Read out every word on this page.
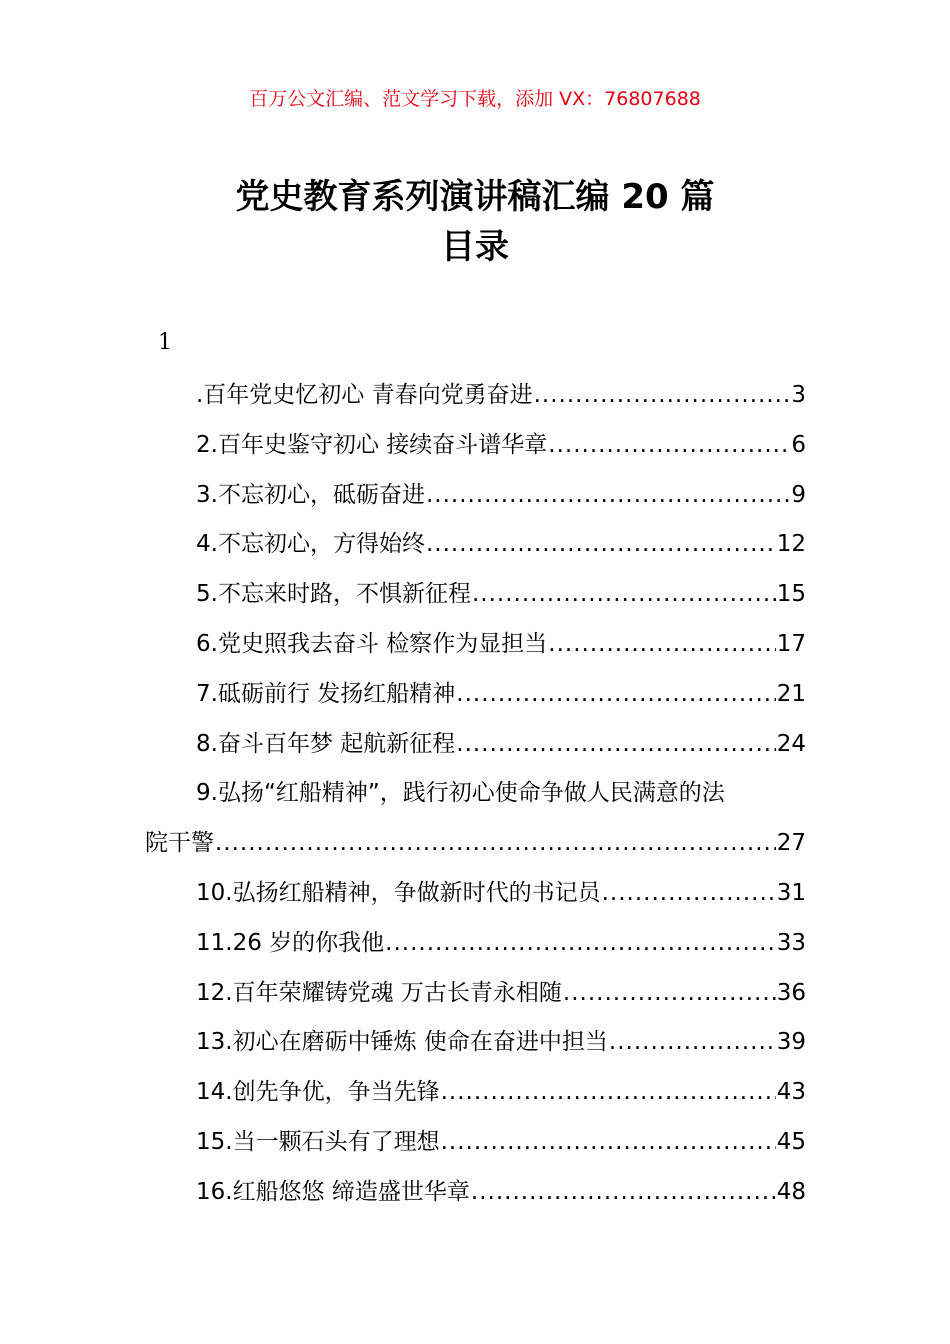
百万公文汇编、范文学习下载，添加 VX：76807688
党史教育系列演讲稿汇编 20 篇
目录
1
.百年党史忆初心 青春向党勇奋进 .....	3
2.百年史鉴守初心 接续奋斗谱华章 .....	6
3.不忘初心，砥砺奋进 .....	9
4.不忘初心，方得始终 .....	12
5.不忘来时路，不惧新征程 .....	15
6.党史照我去奋斗 检察作为显担当 .....	17
7.砥砺前行 发扬红船精神 .....	21
8.奋斗百年梦 起航新征程 .....	24
9.弘扬“红船精神”，践行初心使命争做人民满意的法
院干警 .....	27
10.弘扬红船精神，争做新时代的书记员 .....	31
11.26 岁的你我他 .....	33
12.百年荣耀铸党魂 万古长青永相随 .....	36
13.初心在磨砺中锤炼 使命在奋进中担当 .....	39
14.创先争优，争当先锋 .....	43
15.当一颗石头有了理想 .....	45
16.红船悠悠 缔造盛世华章 .....	48
